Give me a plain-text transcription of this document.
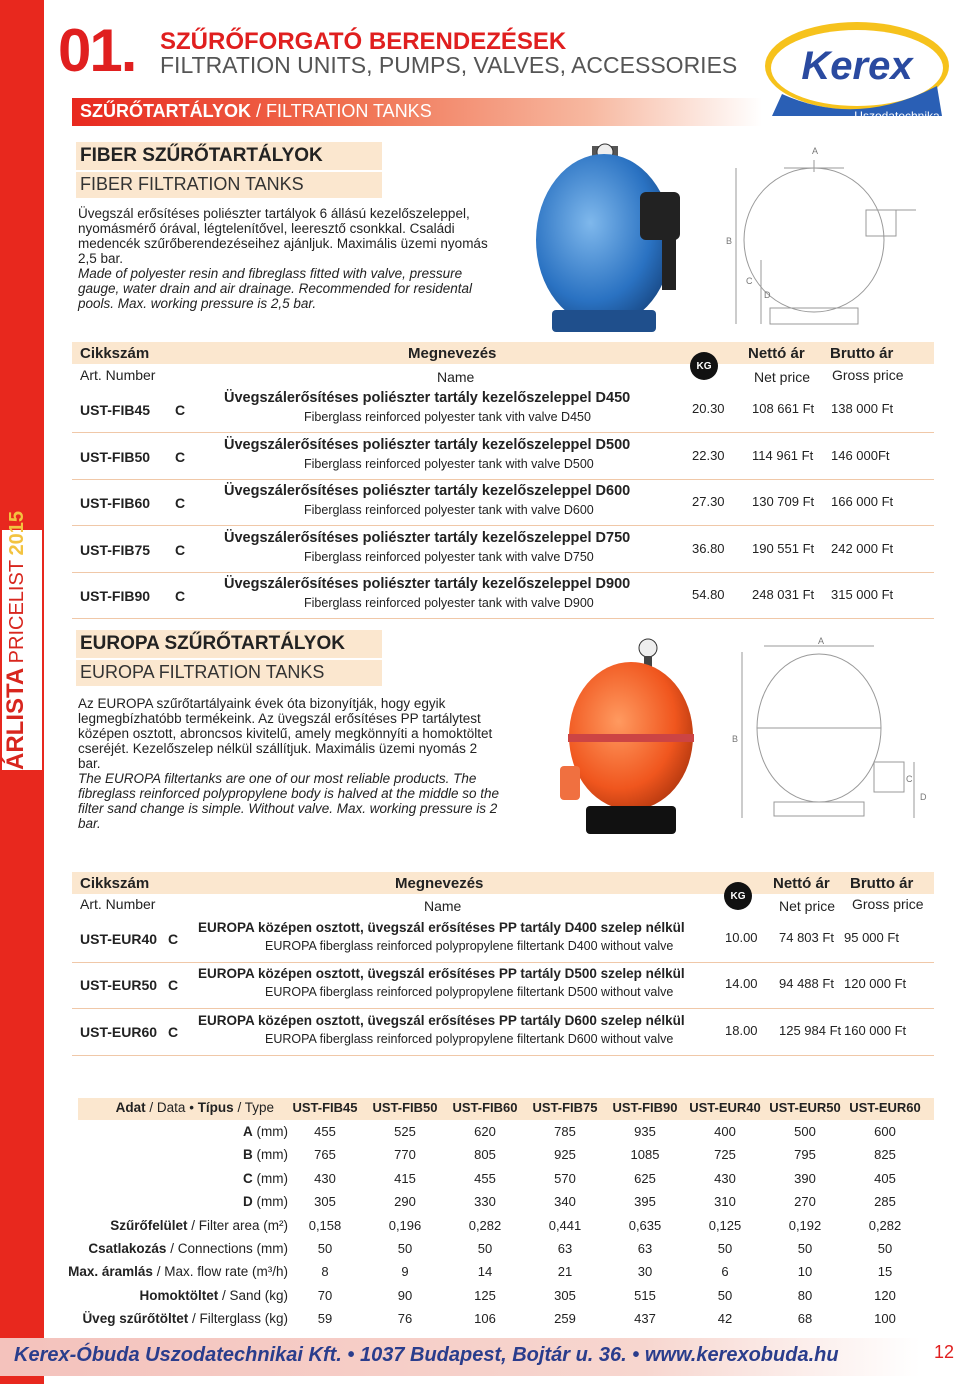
ÁRLISTA PRICELIST 2015
01. SZŰRŐFORGATÓ BERENDEZÉSEK
FILTRATION UNITS, PUMPS, VALVES, ACCESSORIES Kerex
Uszodatechnika
SZŰRŐTARTÁLYOK / FILTRATION TANKS
FIBER SZŰRŐTARTÁLYOK
FIBER FILTRATION TANKS
Üvegszál erősítéses poliészter tartályok 6 állású kezelőszeleppel, nyomásmérő órával, légtelenítővel, leeresztő csonkkal. Családi medencék szűrőberendezéseihez ajánljuk. Maximális üzemi nyomás 2,5 bar.
Made of polyester resin and fibreglass fitted with valve, pressure gauge, water drain and air drainage. Recommended for residental pools. Max. working pressure is 2,5 bar.
A
B
C
D
Cikkszám
Art. Number
Megnevezés
Name
KG
Nettó ár
Net price
Brutto ár
Gross price
UST-FIB45 C
Üvegszálerősítéses poliészter tartály kezelőszeleppel D450
Fiberglass reinforced polyester tank vith valve D450
20.30 108 661 Ft 138 000 Ft
UST-FIB50 C
Üvegszálerősítéses poliészter tartály kezelőszeleppel D500
Fiberglass reinforced polyester tank with valve D500
22.30 114 961 Ft 146 000Ft
UST-FIB60 C
Üvegszálerősítéses poliészter tartály kezelőszeleppel D600
Fiberglass reinforced polyester tank with valve D600
27.30 130 709 Ft 166 000 Ft
UST-FIB75 C
Üvegszálerősítéses poliészter tartály kezelőszeleppel D750
Fiberglass reinforced polyester tank with valve D750
36.80 190 551 Ft 242 000 Ft
UST-FIB90 C
Üvegszálerősítéses poliészter tartály kezelőszeleppel D900
Fiberglass reinforced polyester tank with valve D900
54.80 248 031 Ft 315 000 Ft
EUROPA SZŰRŐTARTÁLYOK
EUROPA FILTRATION TANKS
Az EUROPA szűrőtartályaink évek óta bizonyítják, hogy egyik legmegbízhatóbb termékeink. Az üvegszál erősítéses PP tartálytest középen osztott, abroncsos kivitelű, amely megkönnyíti a homoktöltet cseréjét. Kezelőszelep nélkül szállítjuk. Maximális üzemi nyomás 2 bar.
The EUROPA filtertanks are one of our most reliable products. The fibreglass reinforced polypropylene body is halved at the middle so the filter sand change is simple. Without valve. Max. working pressure is 2 bar.
A
B
C
D
Cikkszám
Art. Number
Megnevezés
Name
KG
Nettó ár
Net price
Brutto ár
Gross price
UST-EUR40 C
EUROPA középen osztott, üvegszál erősítéses PP tartály D400 szelep nélkül
EUROPA fiberglass reinforced polypropylene filtertank D400 without valve
10.00 74 803 Ft 95 000 Ft
UST-EUR50 C
EUROPA középen osztott, üvegszál erősítéses PP tartály D500 szelep nélkül
EUROPA fiberglass reinforced polypropylene filtertank D500 without valve
14.00 94 488 Ft 120 000 Ft
UST-EUR60 C
EUROPA középen osztott, üvegszál erősítéses PP tartály D600 szelep nélkül
EUROPA fiberglass reinforced polypropylene filtertank D600 without valve
18.00 125 984 Ft 160 000 Ft
Adat / Data • Típus / Type	UST-FIB45	UST-FIB50	UST-FIB60	UST-FIB75	UST-FIB90 UST-EUR40 UST-EUR50 UST-EUR60
A (mm)	455	525	620	785	935	400	500	600
B (mm)	765	770	805	925	1085	725	795	825
C (mm)	430	415	455	570	625	430	390	405
D (mm)	305	290	330	340	395	310	270	285
Szűrőfelület / Filter area (m²)	0,158	0,196	0,282	0,441	0,635	0,125	0,192	0,282
Csatlakozás / Connections (mm)	50	50	50	63	63	50	50	50
Max. áramlás / Max. flow rate (m³/h)	8	9	14	21	30	6	10	15
Homoktöltet / Sand (kg)	70	90	125	305	515	50	80	120
Üveg szűrőtöltet / Filterglass (kg)	59	76	106	259	437	42	68	100
Kerex-Óbuda Uszodatechnikai Kft. • 1037 Budapest, Bojtár u. 36. • www.kerexobuda.hu	12
